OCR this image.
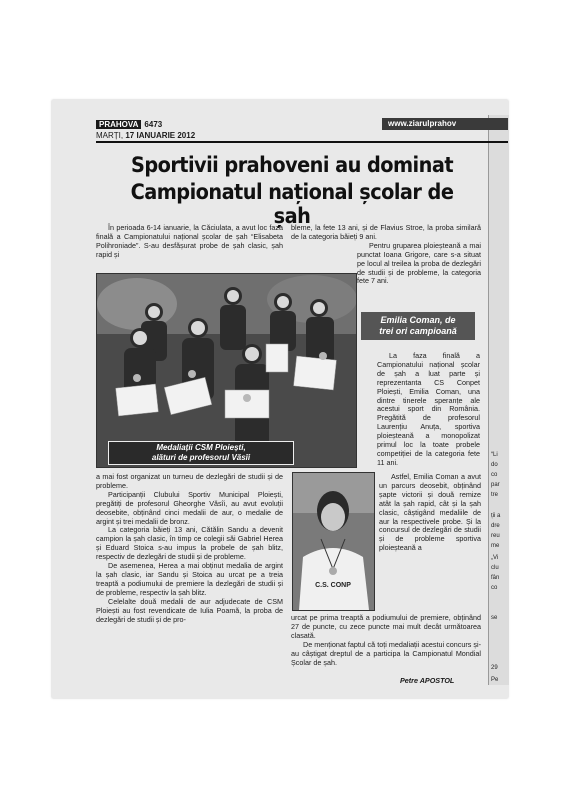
“Li
do
co
par
tre
ții a
dre
reu
me
„Vi
clu
fân
co
se
29
Pe
PRAHOVA 6473
MARȚI, 17 IANUARIE 2012
www.ziarulprahov
Sportivii prahoveni au dominat
Campionatul național școlar de șah

În perioada 6-14 ianuarie, la Căciulata, a avut loc faza finală a Campionatului național școlar de șah “Elisabeta Polihroniade”. S-au desfășurat probe de șah clasic, șah rapid și

bleme, la fete 13 ani, și de Flavius Stroe, la proba similară de la categoria băieți 9 ani.

Pentru gruparea ploieșteană a mai punctat Ioana Grigore, care s-a situat pe locul al treilea la proba de dezlegări de studii și de probleme, la categoria fete 7 ani.

Medaliații CSM Ploiești,
alături de profesorul Văsîi
Emilia Coman, de
trei ori campioană

La faza finală a Campionatului național școlar de șah a luat parte și reprezentanta CS Conpet Ploiești, Emilia Coman, una dintre tinerele speranțe ale acestui sport din România. Pregătită de profesorul Laurențiu Anuța, sportiva ploieșteană a monopolizat primul loc la toate probele competiției de la categoria fete 11 ani.

a mai fost organizat un turneu de dezlegări de studii și de probleme.

Participanții Clubului Sportiv Municipal Ploiești, pregătiți de profesorul Gheorghe Văsîi, au avut evoluții deosebite, obținând cinci medalii de aur, o medalie de argint și trei medalii de bronz.

La categoria băieți 13 ani, Cătălin Sandu a devenit campion la șah clasic, în timp ce colegii săi Gabriel Herea și Eduard Stoica s-au impus la probele de șah blitz, respectiv de dezlegări de studii și de probleme.

De asemenea, Herea a mai obținut medalia de argint la șah clasic, iar Sandu și Stoica au urcat pe a treia treaptă a podiumului de premiere la dezlegări de studii și de probleme, respectiv la șah blitz.

Celelalte două medalii de aur adjudecate de CSM Ploiești au fost revendicate de Iulia Poamă, la proba de dezlegări de studii și de pro-

C.S. CONP

Astfel, Emilia Coman a avut un parcurs deosebit, obținând șapte victorii și două remize atât la șah rapid, cât și la șah clasic, câștigând medaliile de aur la respectivele probe. Și la concursul de dezlegări de studii și de probleme sportiva ploieșteană a

urcat pe prima treaptă a podiumului de premiere, obținând 27 de puncte, cu zece puncte mai mult decât următoarea clasată.

De menționat faptul că toți medaliații acestui concurs și-au câștigat dreptul de a participa la Campionatul Mondial Școlar de șah.

Petre APOSTOL
